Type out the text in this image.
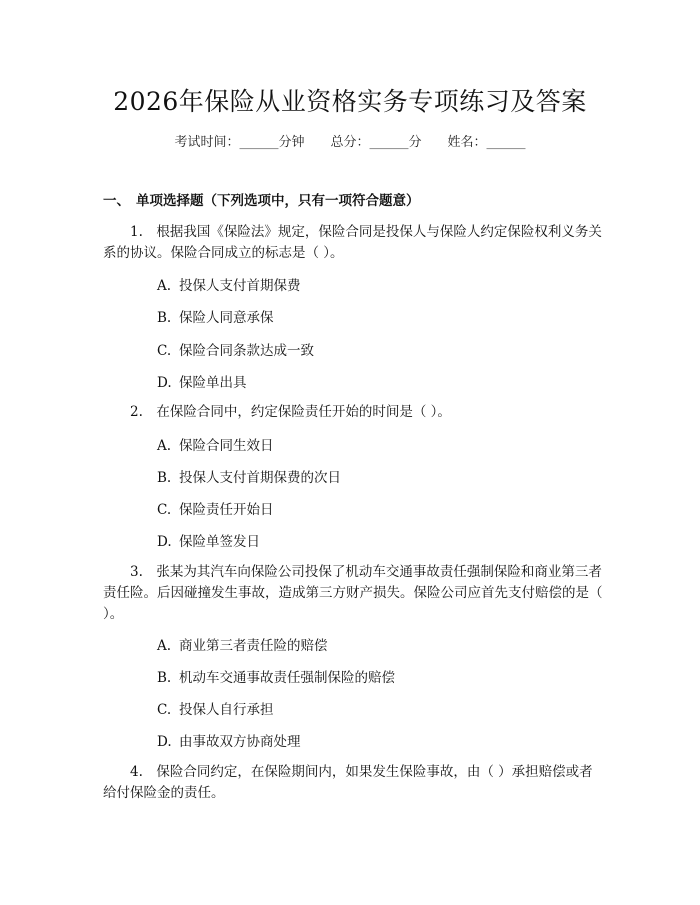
2026年保险从业资格实务专项练习及答案
考试时间：______分钟 总分：______分 姓名：______
一、 单项选择题（下列选项中，只有一项符合题意）
1.　根据我国《保险法》规定，保险合同是投保人与保险人约定保险权利义务关系的协议。保险合同成立的标志是（ ）。
A. 投保人支付首期保费
B. 保险人同意承保
C. 保险合同条款达成一致
D. 保险单出具
2.　在保险合同中，约定保险责任开始的时间是（ ）。
A. 保险合同生效日
B. 投保人支付首期保费的次日
C. 保险责任开始日
D. 保险单签发日
3.　张某为其汽车向保险公司投保了机动车交通事故责任强制保险和商业第三者责任险。后因碰撞发生事故，造成第三方财产损失。保险公司应首先支付赔偿的是（ ）。
A. 商业第三者责任险的赔偿
B. 机动车交通事故责任强制保险的赔偿
C. 投保人自行承担
D. 由事故双方协商处理
4.　保险合同约定，在保险期间内，如果发生保险事故，由（ ）承担赔偿或者给付保险金的责任。
